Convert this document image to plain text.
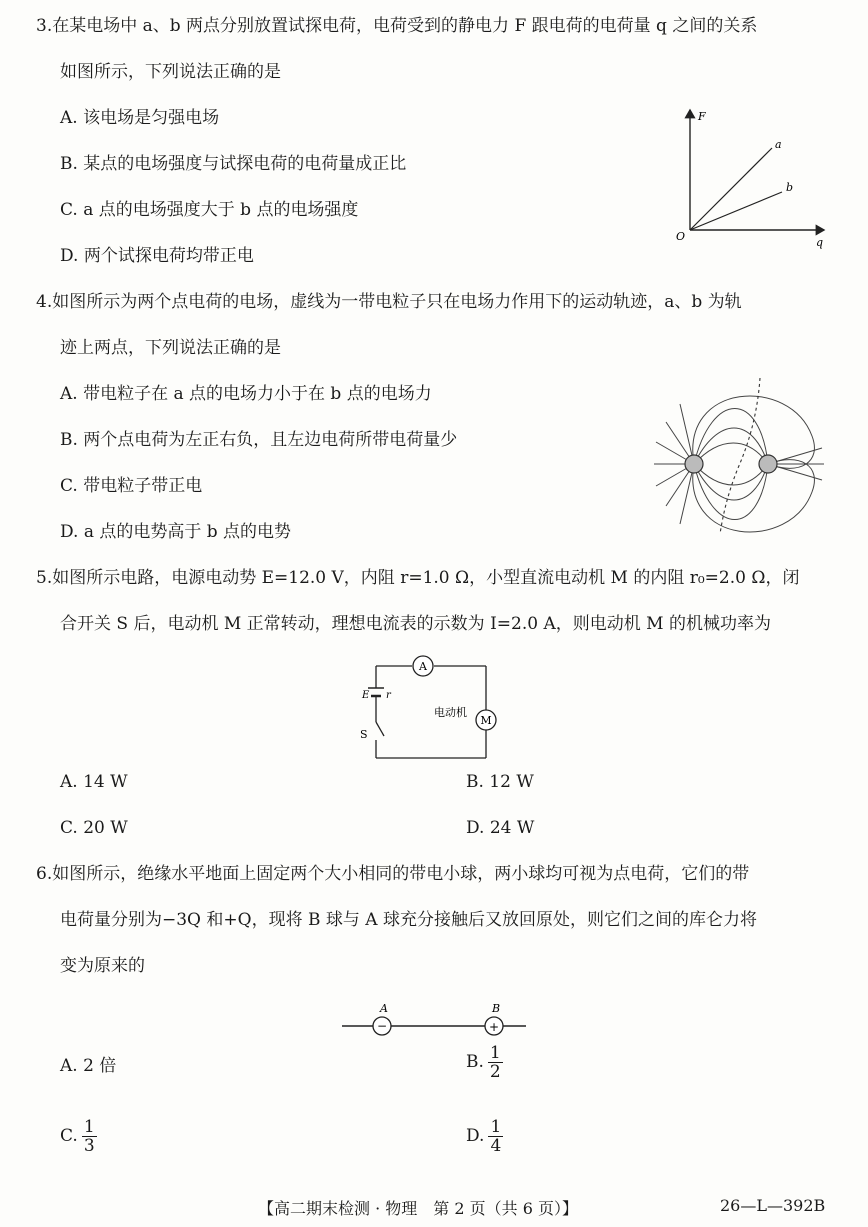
3.在某电场中 a、b 两点分别放置试探电荷，电荷受到的静电力 F 跟电荷的电荷量 q 之间的关系
如图所示，下列说法正确的是
A. 该电场是匀强电场
B. 某点的电场强度与试探电荷的电荷量成正比
C. a 点的电场强度大于 b 点的电场强度
D. 两个试探电荷均带正电
F
q
O
a
b
4.如图所示为两个点电荷的电场，虚线为一带电粒子只在电场力作用下的运动轨迹，a、b 为轨
迹上两点，下列说法正确的是
A. 带电粒子在 a 点的电场力小于在 b 点的电场力
B. 两个点电荷为左正右负，且左边电荷所带电荷量少
C. 带电粒子带正电
D. a 点的电势高于 b 点的电势
5.如图所示电路，电源电动势 E=12.0 V，内阻 r=1.0 Ω，小型直流电动机 M 的内阻 r₀=2.0 Ω，闭
合开关 S 后，电动机 M 正常转动，理想电流表的示数为 I=2.0 A，则电动机 M 的机械功率为
A
M
E r
电动机
S
A. 14 W	B. 12 W
C. 20 W	D. 24 W
6.如图所示，绝缘水平地面上固定两个大小相同的带电小球，两小球均可视为点电荷，它们的带
电荷量分别为−3Q 和+Q，现将 B 球与 A 球充分接触后又放回原处，则它们之间的库仑力将
变为原来的
−	+
A	B
A. 2 倍	B. $\frac{1}{2}$
C. $\frac{1}{3}$	D. $\frac{1}{4}$
【高二期末检测 · 物理　第 2 页（共 6 页）】	26—L—392B
